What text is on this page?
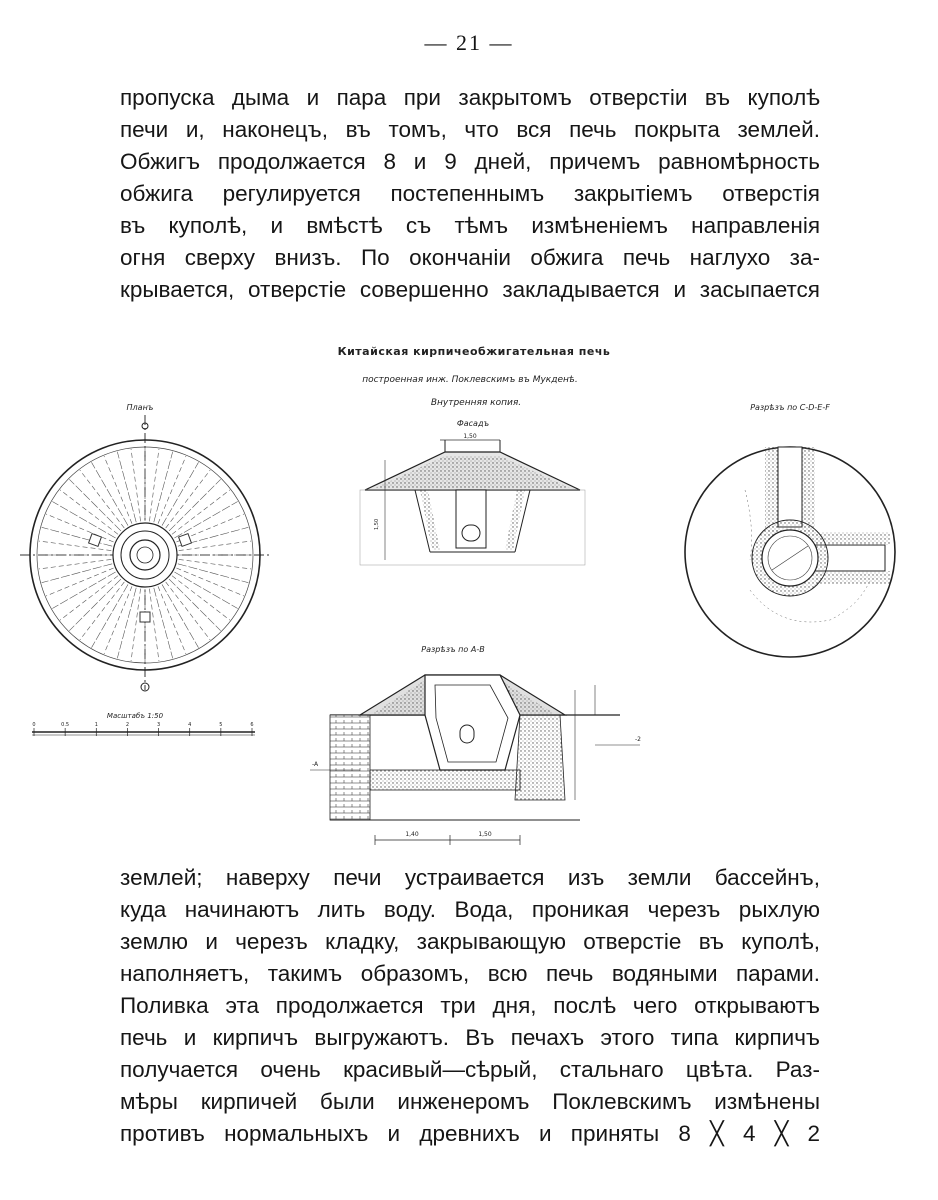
— 21 —
пропуска дыма и пара при закрытомъ отверстіи въ куполѣ
печи и, наконецъ, въ томъ, что вся печь покрыта землей.
Обжигъ продолжается 8 и 9 дней, причемъ равномѣрность
обжига регулируется постепеннымъ закрытіемъ отверстія
въ куполѣ, и вмѣстѣ съ тѣмъ измѣненіемъ направленія
огня сверху внизъ. По окончаніи обжига печь наглухо за-
крывается, отверстіе совершенно закладывается и засыпается
Китайская кирпичеобжигательная печь
построенная инж. Поклевскимъ въ Мукденѣ.
Внутренняя копия.
Планъ
Масштабъ 1:50
0	0.5	1	2	3	4	5	6
Фасадъ
1,50
1,50
Разрѣзъ по А-В
-A
-2
1,40	1,50
Разрѣзъ по C-D-E-F
землей; наверху печи устраивается изъ земли бассейнъ,
куда начинаютъ лить воду. Вода, проникая черезъ рыхлую
землю и черезъ кладку, закрывающую отверстіе въ куполѣ,
наполняетъ, такимъ образомъ, всю печь водяными парами.
Поливка эта продолжается три дня, послѣ чего открываютъ
печь и кирпичъ выгружаютъ. Въ печахъ этого типа кирпичъ
получается очень красивый—сѣрый, стальнаго цвѣта. Раз-
мѣры кирпичей были инженеромъ Поклевскимъ измѣнены
противъ нормальныхъ и древнихъ и приняты 8 ╳ 4 ╳ 2
